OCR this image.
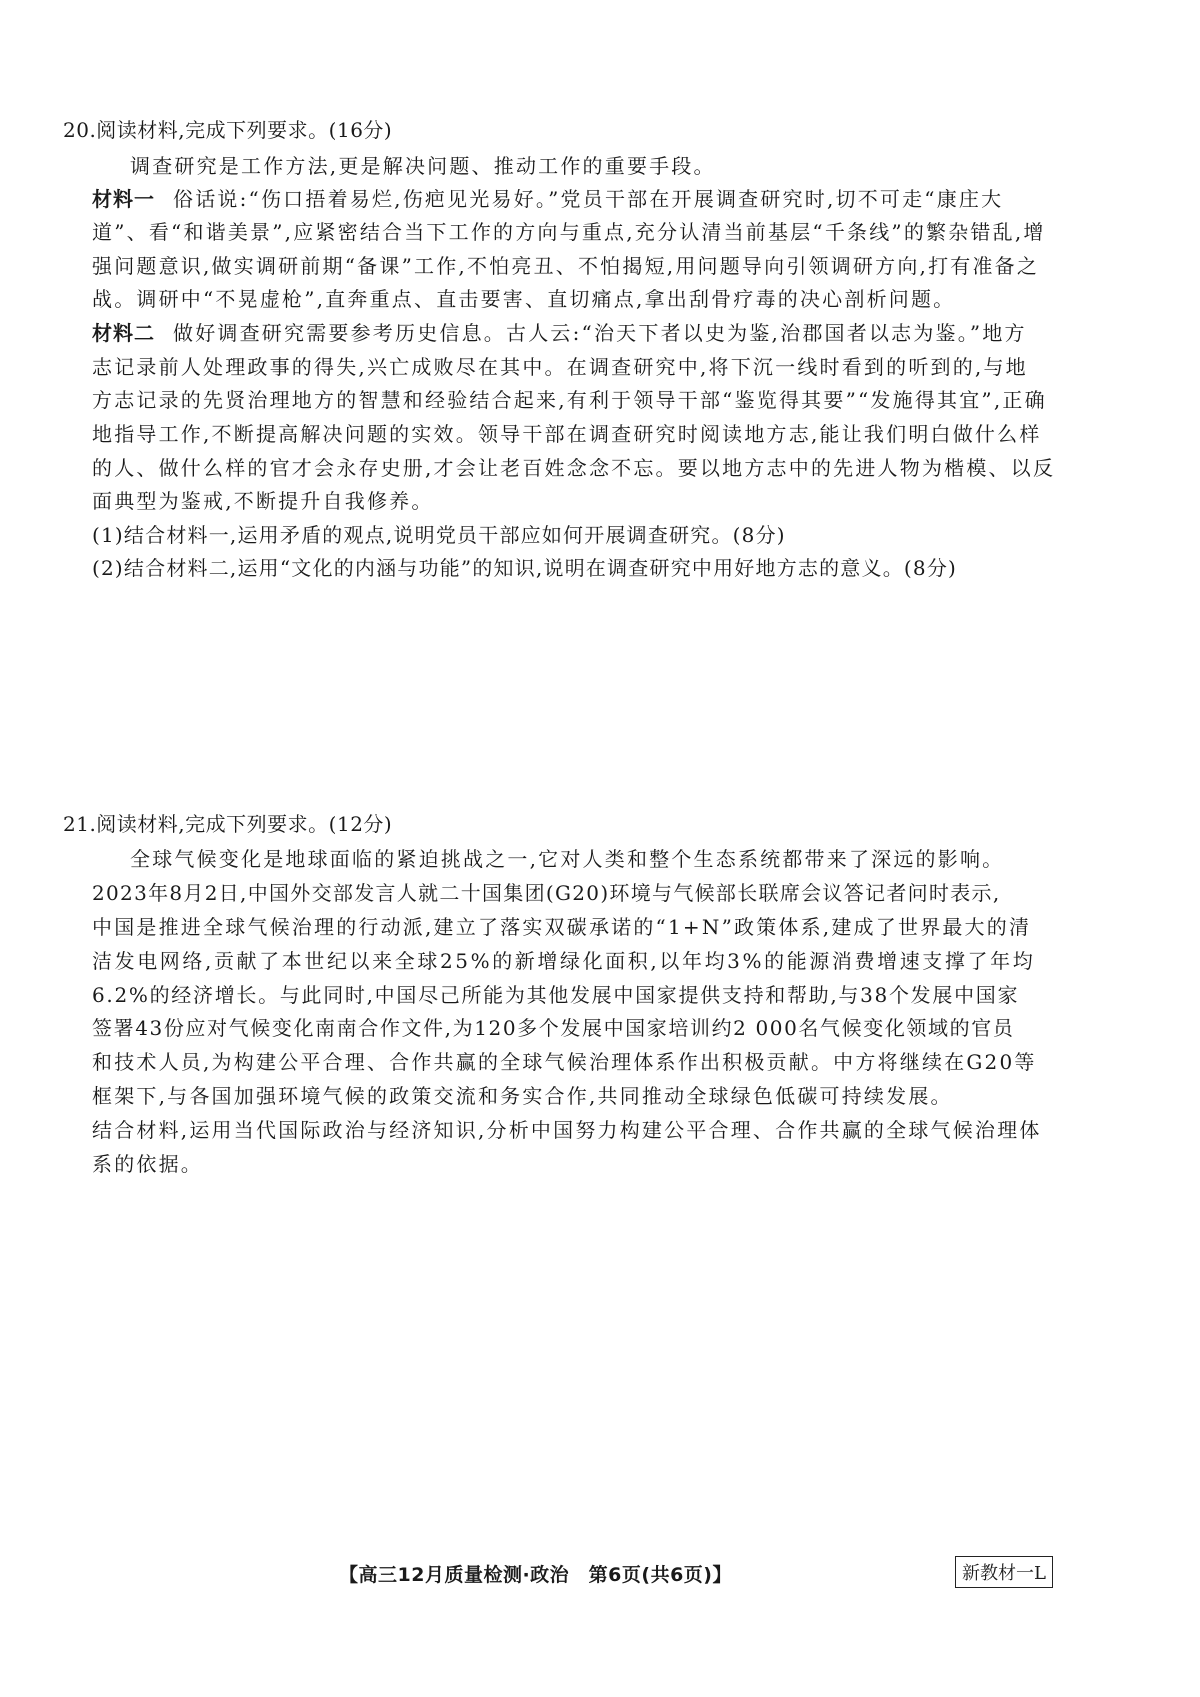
20.阅读材料,完成下列要求。(16分)
调查研究是工作方法,更是解决问题、推动工作的重要手段。
材料一 俗话说:“伤口捂着易烂,伤疤见光易好。”党员干部在开展调查研究时,切不可走“康庄大
道”、看“和谐美景”,应紧密结合当下工作的方向与重点,充分认清当前基层“千条线”的繁杂错乱,增
强问题意识,做实调研前期“备课”工作,不怕亮丑、不怕揭短,用问题导向引领调研方向,打有准备之
战。调研中“不晃虚枪”,直奔重点、直击要害、直切痛点,拿出刮骨疗毒的决心剖析问题。
材料二 做好调查研究需要参考历史信息。古人云:“治天下者以史为鉴,治郡国者以志为鉴。”地方
志记录前人处理政事的得失,兴亡成败尽在其中。在调查研究中,将下沉一线时看到的听到的,与地
方志记录的先贤治理地方的智慧和经验结合起来,有利于领导干部“鉴览得其要”“发施得其宜”,正确
地指导工作,不断提高解决问题的实效。领导干部在调查研究时阅读地方志,能让我们明白做什么样
的人、做什么样的官才会永存史册,才会让老百姓念念不忘。要以地方志中的先进人物为楷模、以反
面典型为鉴戒,不断提升自我修养。
(1)结合材料一,运用矛盾的观点,说明党员干部应如何开展调查研究。(8分)
(2)结合材料二,运用“文化的内涵与功能”的知识,说明在调查研究中用好地方志的意义。(8分)
21.阅读材料,完成下列要求。(12分)
全球气候变化是地球面临的紧迫挑战之一,它对人类和整个生态系统都带来了深远的影响。
2023年8月2日,中国外交部发言人就二十国集团(G20)环境与气候部长联席会议答记者问时表示,
中国是推进全球气候治理的行动派,建立了落实双碳承诺的“1+N”政策体系,建成了世界最大的清
洁发电网络,贡献了本世纪以来全球25%的新增绿化面积,以年均3%的能源消费增速支撑了年均
6.2%的经济增长。与此同时,中国尽己所能为其他发展中国家提供支持和帮助,与38个发展中国家
签署43份应对气候变化南南合作文件,为120多个发展中国家培训约2 000名气候变化领域的官员
和技术人员,为构建公平合理、合作共赢的全球气候治理体系作出积极贡献。中方将继续在G20等
框架下,与各国加强环境气候的政策交流和务实合作,共同推动全球绿色低碳可持续发展。
结合材料,运用当代国际政治与经济知识,分析中国努力构建公平合理、合作共赢的全球气候治理体
系的依据。
【高三12月质量检测·政治　第6页(共6页)】	新教材一L
